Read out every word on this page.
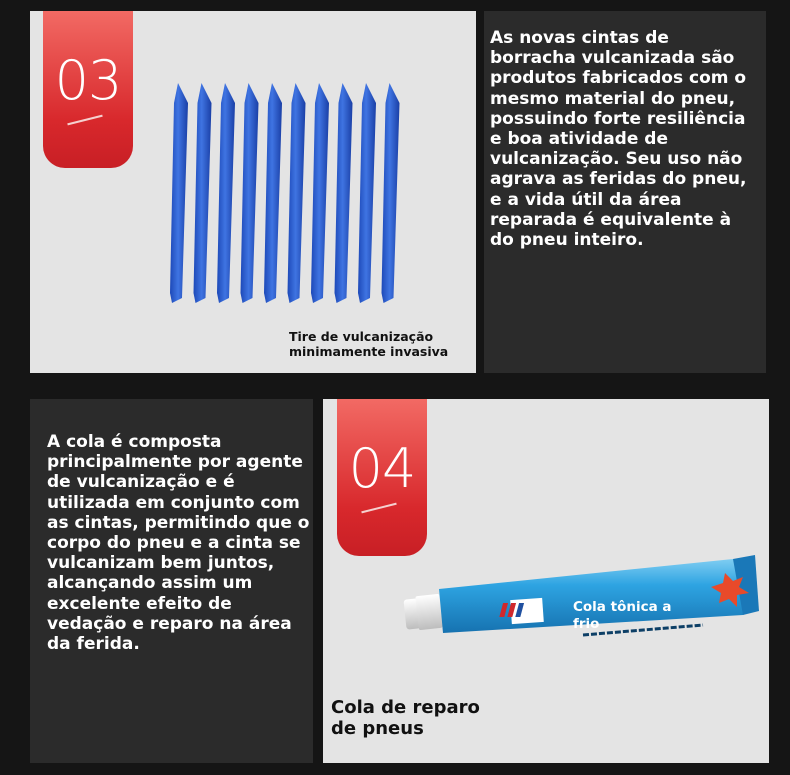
03
Tire de vulcanização
minimamente invasiva
As novas cintas de borracha vulcanizada são produtos fabricados com o mesmo material do pneu, possuindo forte resiliência e boa atividade de vulcanização. Seu uso não agrava as feridas do pneu, e a vida útil da área reparada é equivalente à do pneu inteiro.
A cola é composta principalmente por agente de vulcanização e é utilizada em conjunto com as cintas, permitindo que o corpo do pneu e a cinta se vulcanizam bem juntos, alcançando assim um excelente efeito de vedação e reparo na área da ferida.
04
Cola tônica a
frio
Cola de reparo
de pneus
